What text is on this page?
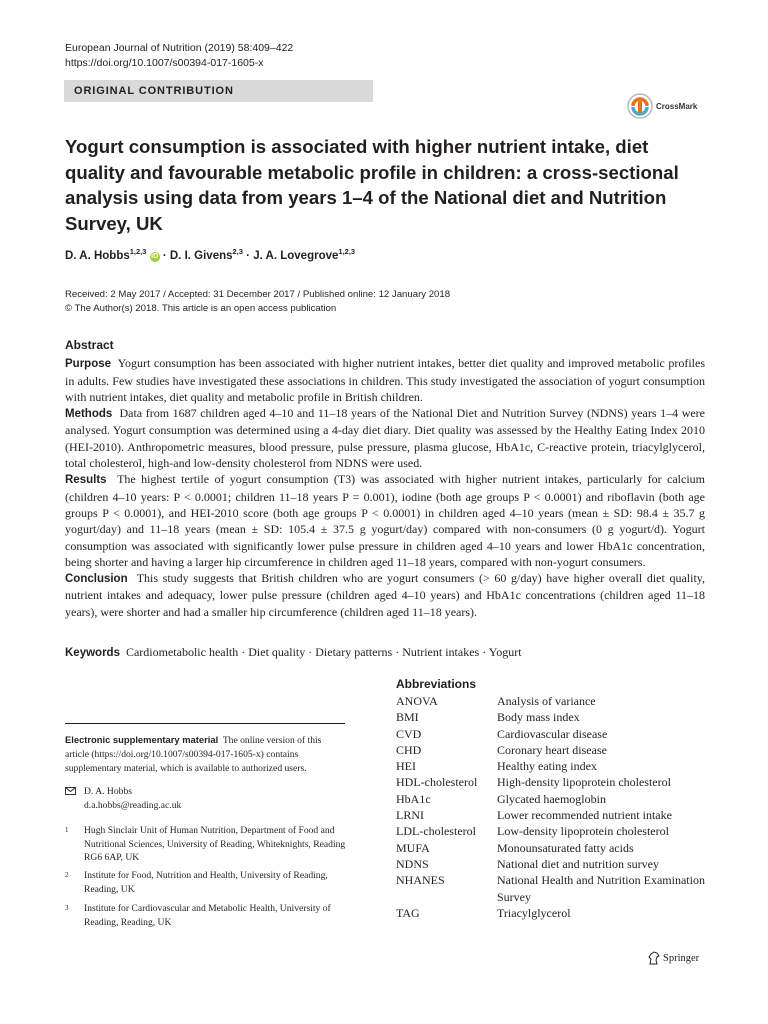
European Journal of Nutrition (2019) 58:409–422
https://doi.org/10.1007/s00394-017-1605-x
ORIGINAL CONTRIBUTION
CrossMark
Yogurt consumption is associated with higher nutrient intake, diet quality and favourable metabolic profile in children: a cross-sectional analysis using data from years 1–4 of the National diet and Nutrition Survey, UK
D. A. Hobbs$^{1,2,3}$ iD · D. I. Givens$^{2,3}$ · J. A. Lovegrove$^{1,2,3}$
Received: 2 May 2017 / Accepted: 31 December 2017 / Published online: 12 January 2018
© The Author(s) 2018. This article is an open access publication
Abstract

Purpose Yogurt consumption has been associated with higher nutrient intakes, better diet quality and improved metabolic profiles in adults. Few studies have investigated these associations in children. This study investigated the association of yogurt consumption with nutrient intakes, diet quality and metabolic profile in British children.

Methods Data from 1687 children aged 4–10 and 11–18 years of the National Diet and Nutrition Survey (NDNS) years 1–4 were analysed. Yogurt consumption was determined using a 4-day diet diary. Diet quality was assessed by the Healthy Eating Index 2010 (HEI-2010). Anthropometric measures, blood pressure, pulse pressure, plasma glucose, HbA1c, C-reactive protein, triacylglycerol, total cholesterol, high-and low-density cholesterol from NDNS were used.

Results The highest tertile of yogurt consumption (T3) was associated with higher nutrient intakes, particularly for calcium (children 4–10 years: P < 0.0001; children 11–18 years P = 0.001), iodine (both age groups P < 0.0001) and riboflavin (both age groups P < 0.0001), and HEI-2010 score (both age groups P < 0.0001) in children aged 4–10 years (mean ± SD: 98.4 ± 35.7 g yogurt/day) and 11–18 years (mean ± SD: 105.4 ± 37.5 g yogurt/day) compared with non-consumers (0 g yogurt/d). Yogurt consumption was associated with significantly lower pulse pressure in children aged 4–10 years and lower HbA1c concentration, being shorter and having a larger hip circumference in children aged 11–18 years, compared with non-yogurt consumers.

Conclusion This study suggests that British children who are yogurt consumers (> 60 g/day) have higher overall diet quality, nutrient intakes and adequacy, lower pulse pressure (children aged 4–10 years) and HbA1c concentrations (children aged 11–18 years), were shorter and had a smaller hip circumference (children aged 11–18 years).

Keywords Cardiometabolic health · Diet quality · Dietary patterns · Nutrient intakes · Yogurt
Electronic supplementary material The online version of this article (https://doi.org/10.1007/s00394-017-1605-x) contains supplementary material, which is available to authorized users.
D. A. Hobbs
d.a.hobbs@reading.ac.uk
1 Hugh Sinclair Unit of Human Nutrition, Department of Food and Nutritional Sciences, University of Reading, Whiteknights, Reading RG6 6AP, UK
2 Institute for Food, Nutrition and Health, University of Reading, Reading, UK
3 Institute for Cardiovascular and Metabolic Health, University of Reading, Reading, UK
Abbreviations
ANOVA	Analysis of variance
BMI	Body mass index
CVD	Cardiovascular disease
CHD	Coronary heart disease
HEI	Healthy eating index
HDL-cholesterol	High-density lipoprotein cholesterol
HbA1c	Glycated haemoglobin
LRNI	Lower recommended nutrient intake
LDL-cholesterol	Low-density lipoprotein cholesterol
MUFA	Monounsaturated fatty acids
NDNS	National diet and nutrition survey
NHANES	National Health and Nutrition Examination Survey
TAG	Triacylglycerol
Springer
